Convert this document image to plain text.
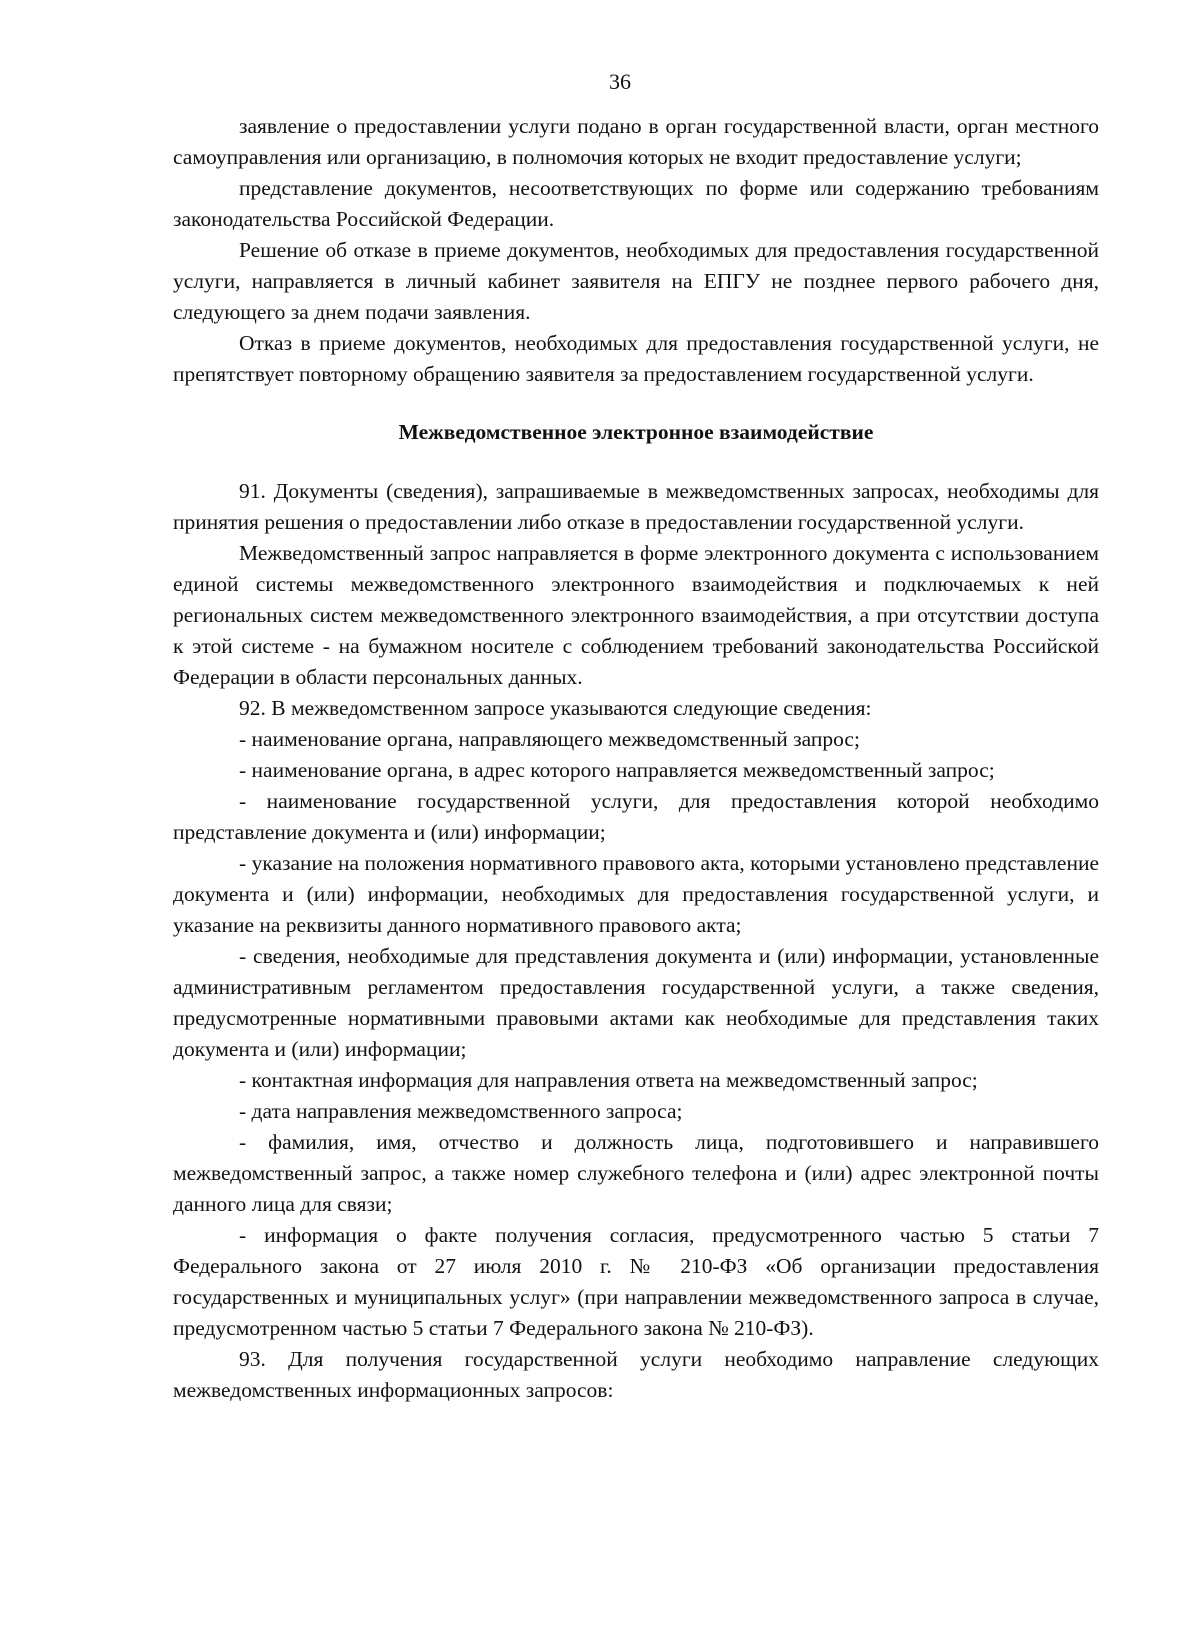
36

заявление о предоставлении услуги подано в орган государственной власти, орган местного самоуправления или организацию, в полномочия которых не входит предоставление услуги;

представление документов, несоответствующих по форме или содержанию требованиям законодательства Российской Федерации.

Решение об отказе в приеме документов, необходимых для предоставления государственной услуги, направляется в личный кабинет заявителя на ЕПГУ не позднее первого рабочего дня, следующего за днем подачи заявления.

Отказ в приеме документов, необходимых для предоставления государственной услуги, не препятствует повторному обращению заявителя за предоставлением государственной услуги.

Межведомственное электронное взаимодействие

91. Документы (сведения), запрашиваемые в межведомственных запросах, необходимы для принятия решения о предоставлении либо отказе в предоставлении государственной услуги.

Межведомственный запрос направляется в форме электронного документа с использованием единой системы межведомственного электронного взаимодействия и подключаемых к ней региональных систем межведомственного электронного взаимодействия, а при отсутствии доступа к этой системе - на бумажном носителе с соблюдением требований законодательства Российской Федерации в области персональных данных.

92. В межведомственном запросе указываются следующие сведения:

- наименование органа, направляющего межведомственный запрос;

- наименование органа, в адрес которого направляется межведомственный запрос;

- наименование государственной услуги, для предоставления которой необходимо представление документа и (или) информации;

- указание на положения нормативного правового акта, которыми установлено представление документа и (или) информации, необходимых для предоставления государственной услуги, и указание на реквизиты данного нормативного правового акта;

- сведения, необходимые для представления документа и (или) информации, установленные административным регламентом предоставления государственной услуги, а также сведения, предусмотренные нормативными правовыми актами как необходимые для представления таких документа и (или) информации;

- контактная информация для направления ответа на межведомственный запрос;

- дата направления межведомственного запроса;

- фамилия, имя, отчество и должность лица, подготовившего и направившего межведомственный запрос, а также номер служебного телефона и (или) адрес электронной почты данного лица для связи;

- информация о факте получения согласия, предусмотренного частью 5 статьи 7 Федерального закона от 27 июля 2010 г. № 210-ФЗ «Об организации предоставления государственных и муниципальных услуг» (при направлении межведомственного запроса в случае, предусмотренном частью 5 статьи 7 Федерального закона № 210-ФЗ).

93. Для получения государственной услуги необходимо направление следующих межведомственных информационных запросов:
